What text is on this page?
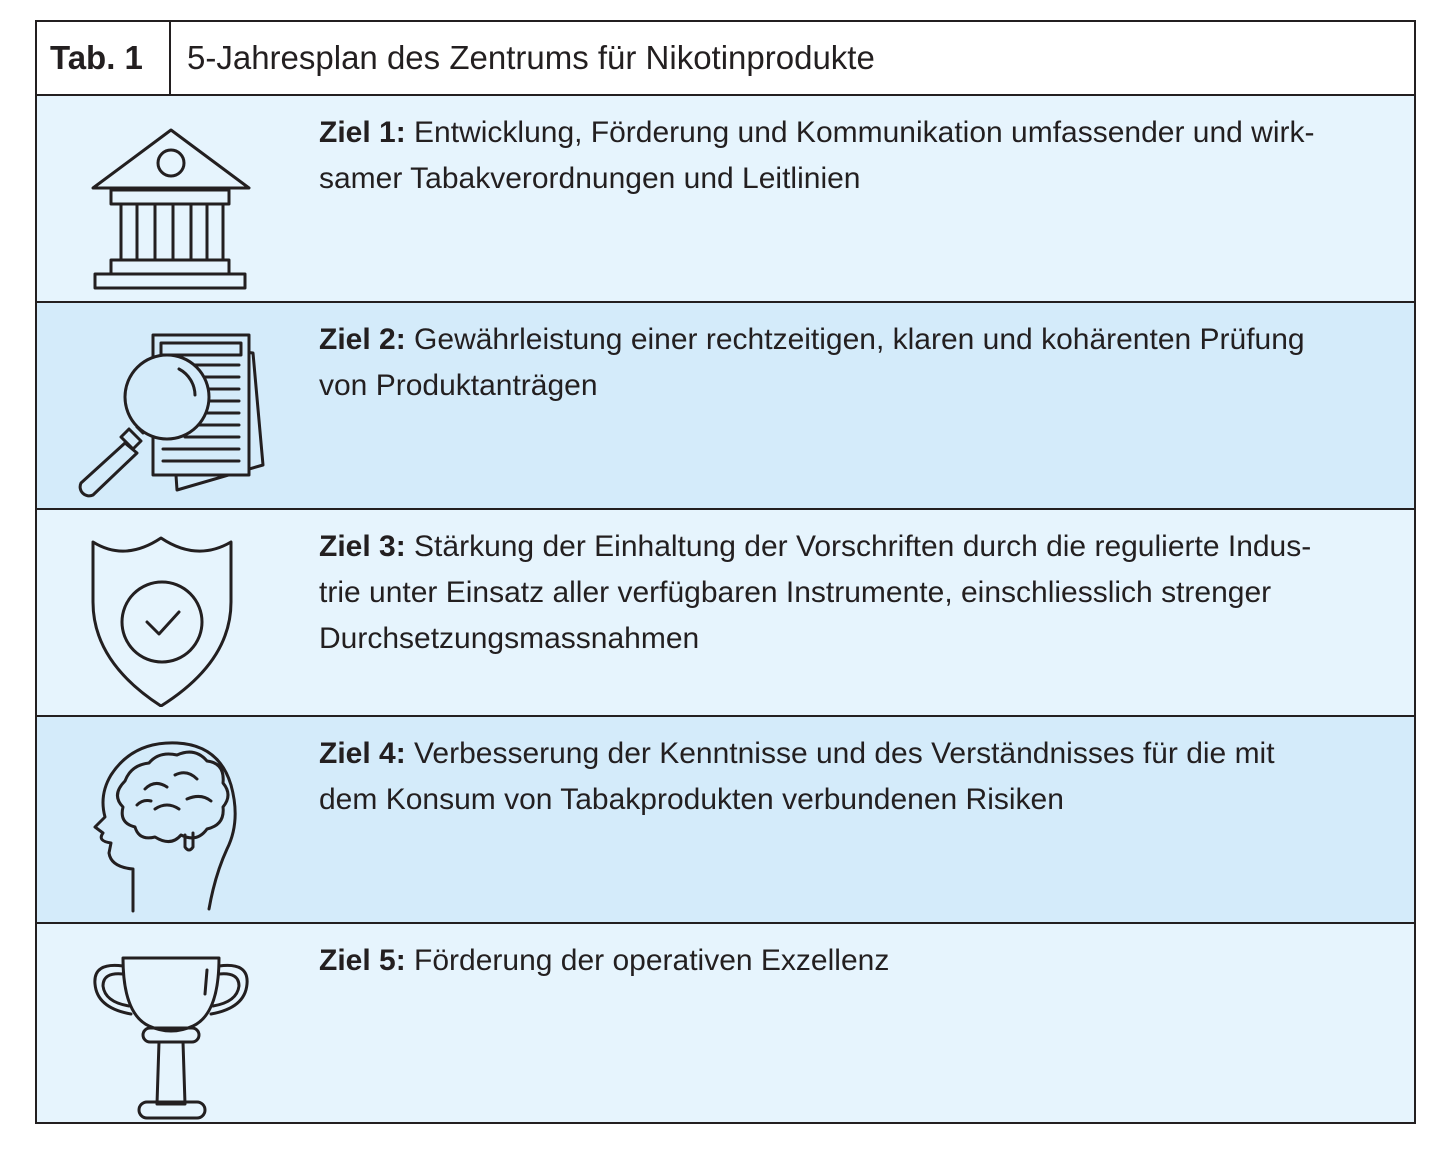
Tab. 1	5-Jahresplan des Zentrums für Nikotinprodukte
Ziel 1: Entwicklung, Förderung und Kommunikation umfassender und wirk-
samer Tabakverordnungen und Leitlinien
Ziel 2: Gewährleistung einer rechtzeitigen, klaren und kohärenten Prüfung
von Produktanträgen
Ziel 3: Stärkung der Einhaltung der Vorschriften durch die regulierte Indus-
trie unter Einsatz aller verfügbaren Instrumente, einschliesslich strenger
Durchsetzungsmassnahmen
Ziel 4: Verbesserung der Kenntnisse und des Verständnisses für die mit
dem Konsum von Tabakprodukten verbundenen Risiken
Ziel 5: Förderung der operativen Exzellenz
